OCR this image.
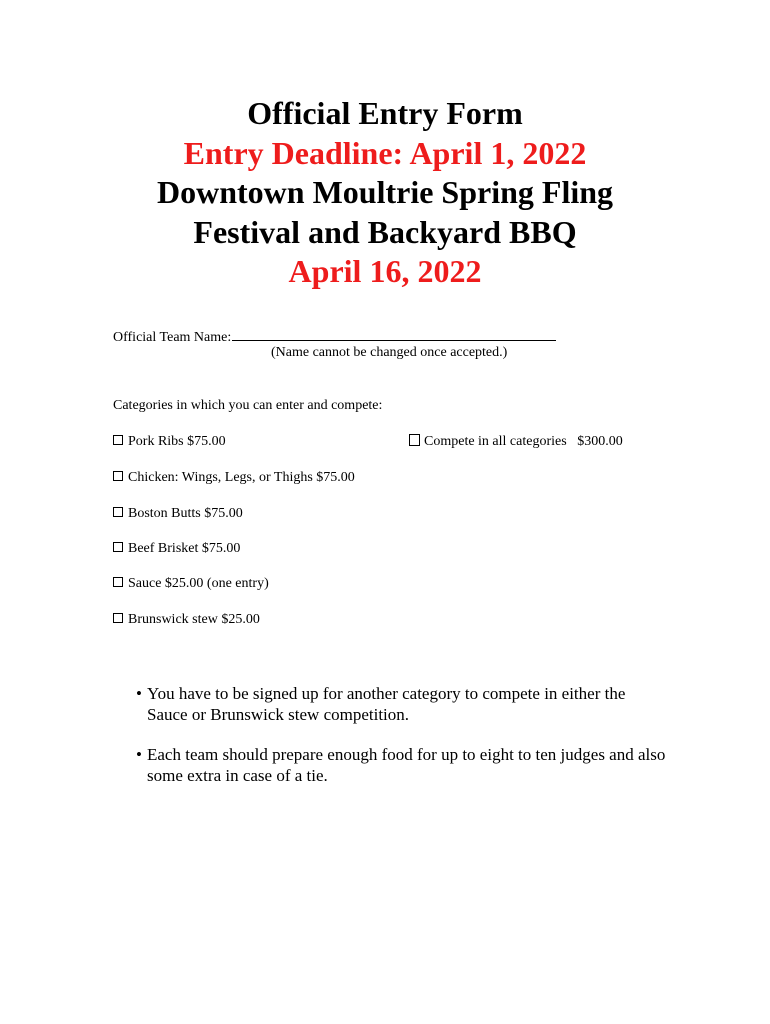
Official Entry Form
Entry Deadline: April 1, 2022
Downtown Moultrie Spring Fling
Festival and Backyard BBQ
April 16, 2022
Official Team Name:
(Name cannot be changed once accepted.)
Categories in which you can enter and compete:
Pork Ribs $75.00	Compete in all categories $300.00
Chicken: Wings, Legs, or Thighs $75.00
Boston Butts $75.00
Beef Brisket $75.00
Sauce $25.00 (one entry)
Brunswick stew $25.00
• You have to be signed up for another category to compete in either the Sauce or Brunswick stew competition.
• Each team should prepare enough food for up to eight to ten judges and also some extra in case of a tie.
